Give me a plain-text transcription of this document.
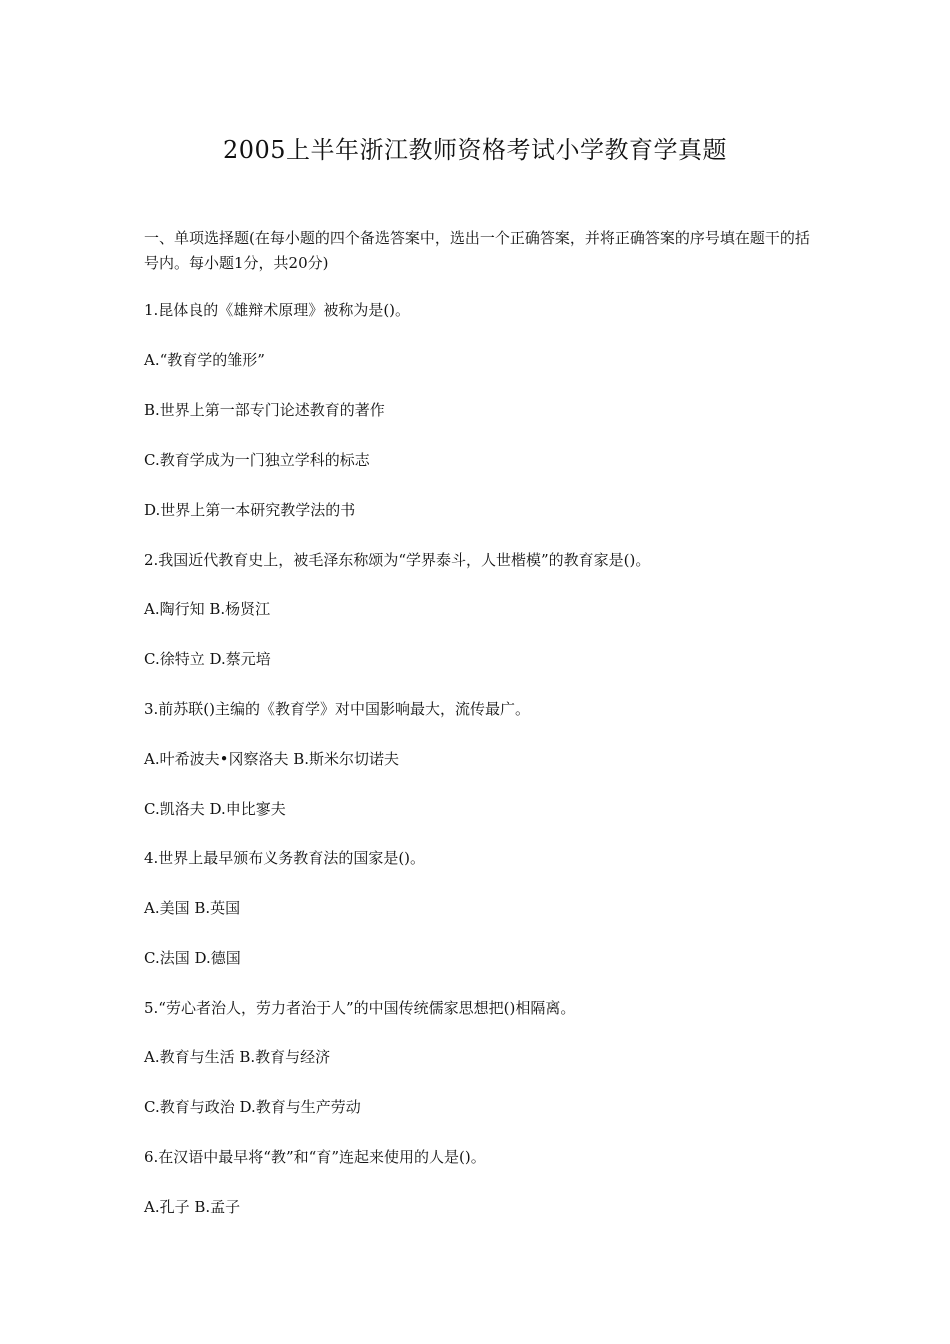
2005上半年浙江教师资格考试小学教育学真题
一、单项选择题(在每小题的四个备选答案中，选出一个正确答案，并将正确答案的序号填在题干的括号内。每小题1分，共20分)
1.昆体良的《雄辩术原理》被称为是()。
A.“教育学的雏形”
B.世界上第一部专门论述教育的著作
C.教育学成为一门独立学科的标志
D.世界上第一本研究教学法的书
2.我国近代教育史上，被毛泽东称颂为“学界泰斗，人世楷模”的教育家是()。
A.陶行知 B.杨贤江
C.徐特立 D.蔡元培
3.前苏联()主编的《教育学》对中国影响最大，流传最广。
A.叶希波夫•冈察洛夫 B.斯米尔切诺夫
C.凯洛夫 D.申比寥夫
4.世界上最早颁布义务教育法的国家是()。
A.美国 B.英国
C.法国 D.德国
5.“劳心者治人，劳力者治于人”的中国传统儒家思想把()相隔离。
A.教育与生活 B.教育与经济
C.教育与政治 D.教育与生产劳动
6.在汉语中最早将“教”和“育”连起来使用的人是()。
A.孔子 B.孟子
